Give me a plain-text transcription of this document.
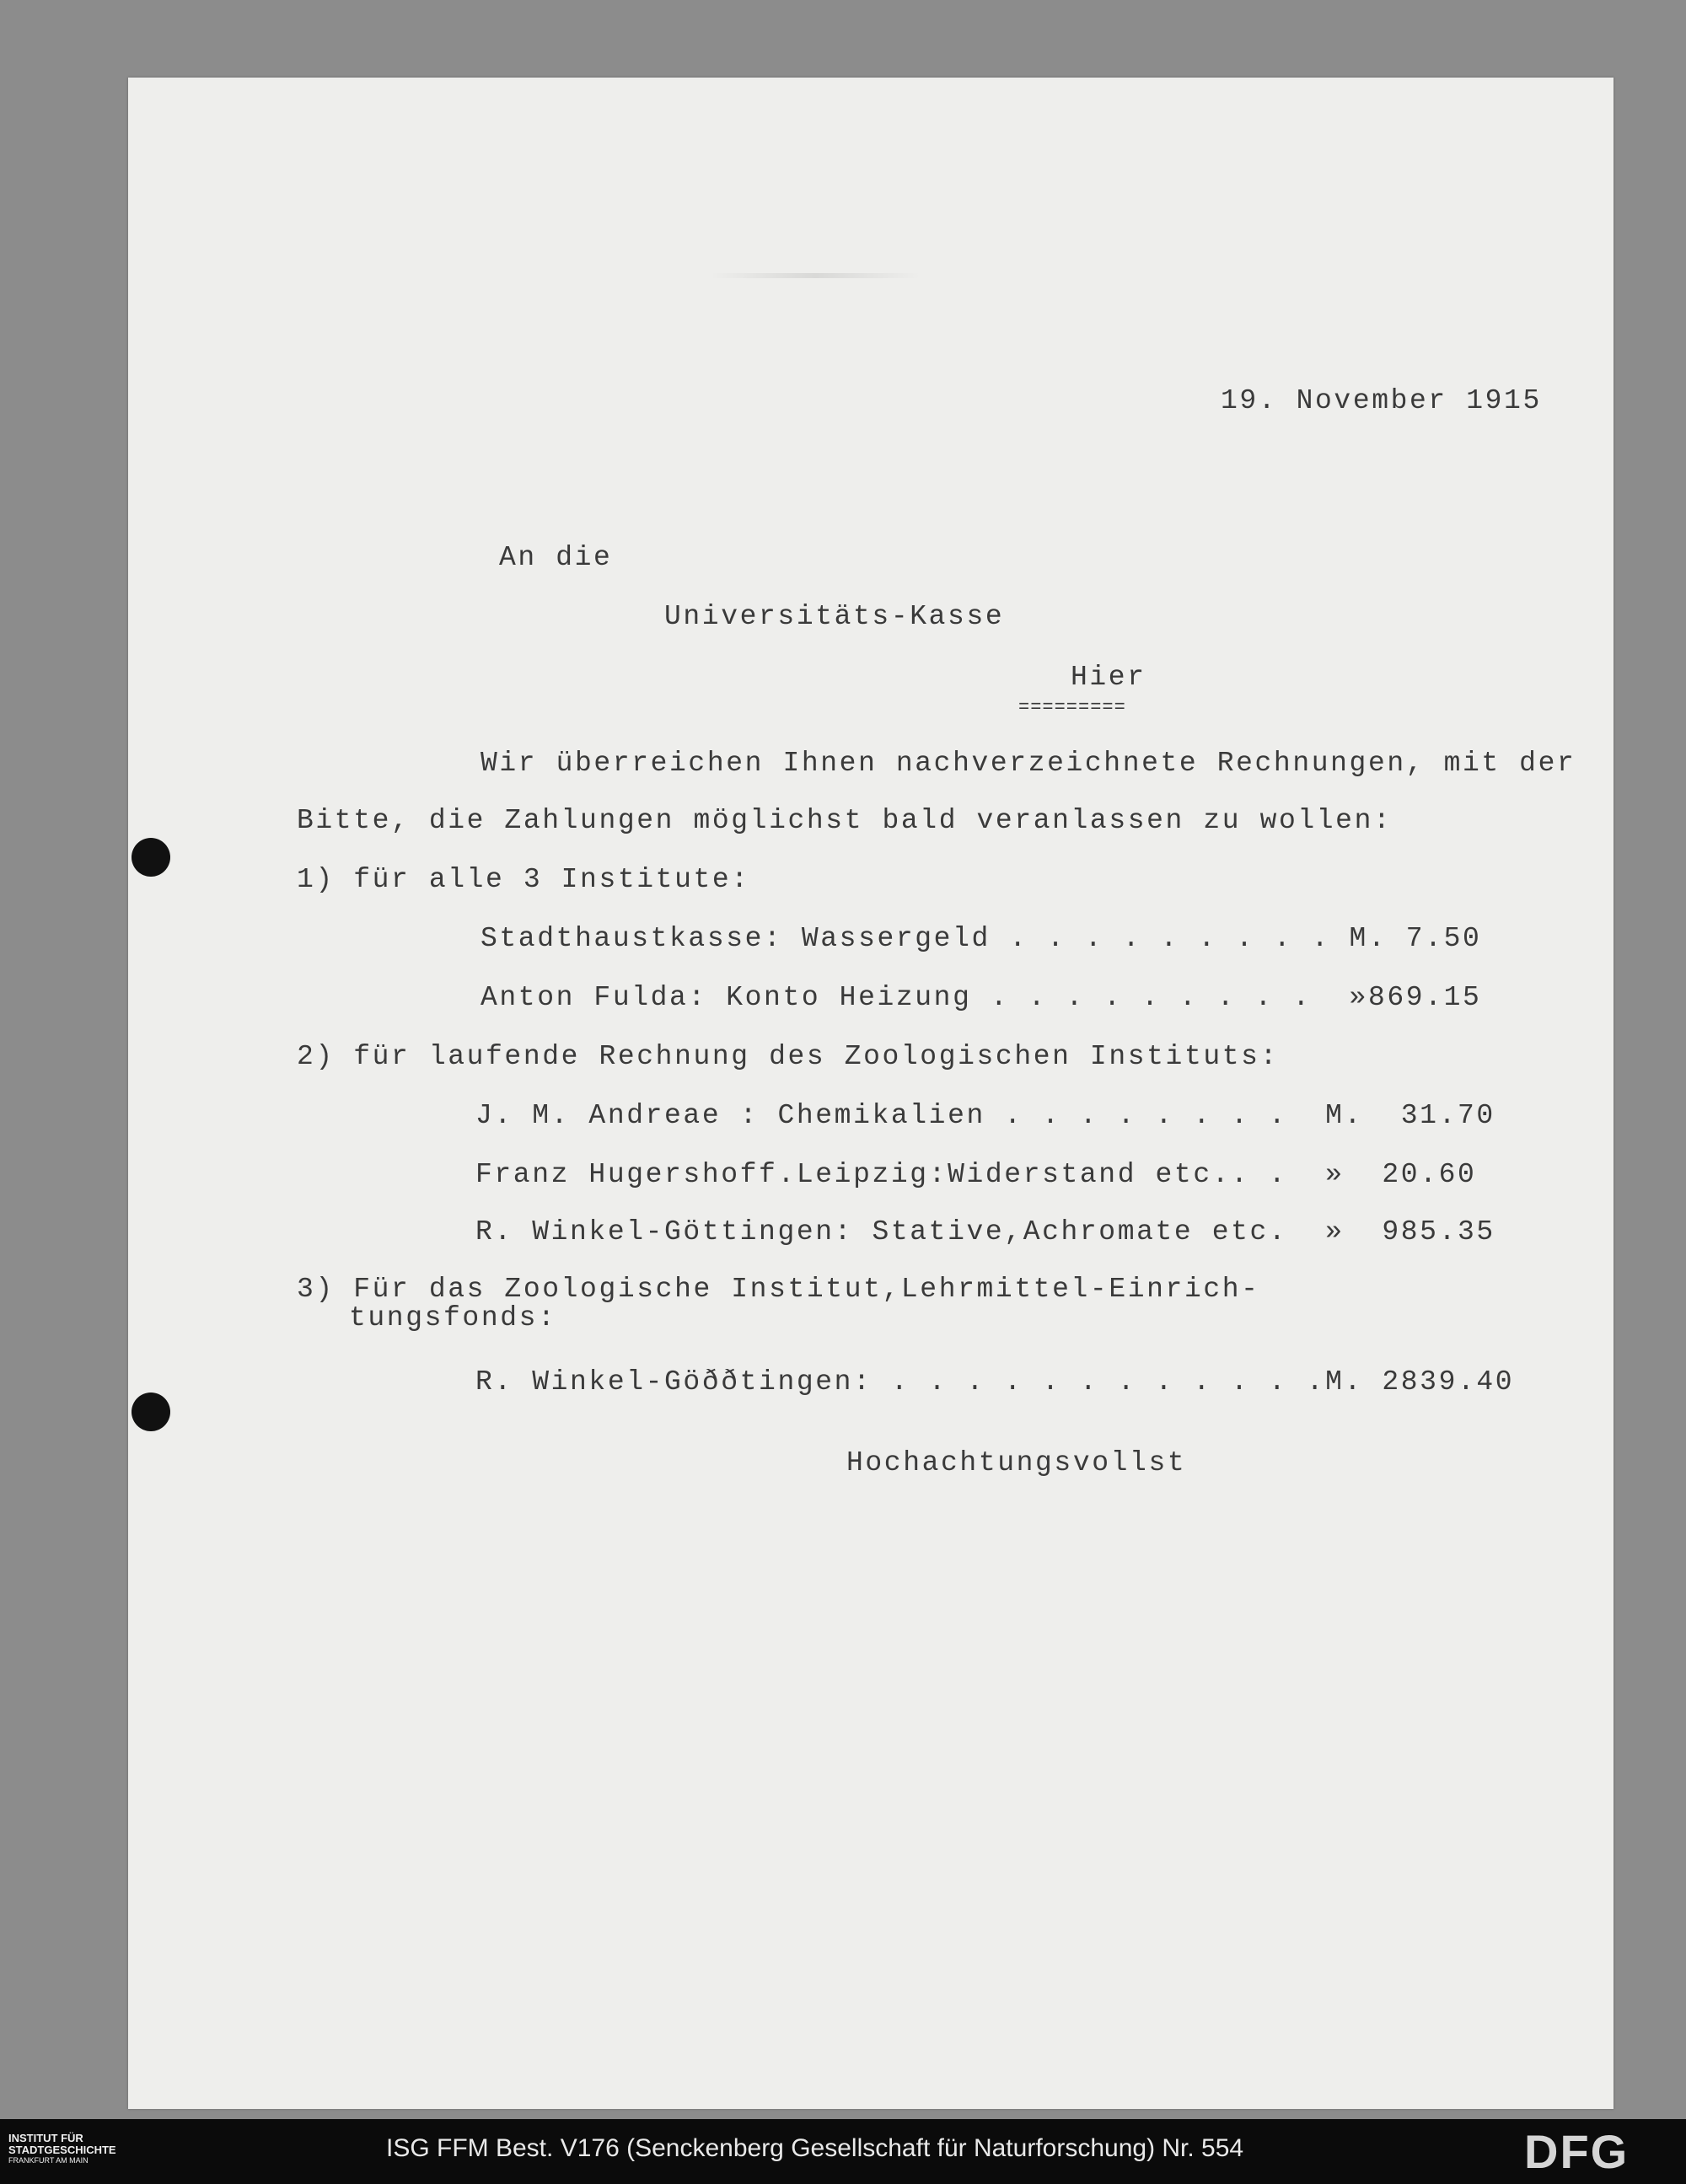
19. November 1915
An die
Universitäts-Kasse
Hier
=========
Wir überreichen Ihnen nachverzeichnete Rechnungen, mit der
Bitte, die Zahlungen möglichst bald veranlassen zu wollen:
1) für alle 3 Institute:
Stadthaustkasse: Wassergeld . . . . . . . . . M. 7.50
Anton Fulda: Konto Heizung . . . . . . . . .  »869.15
2) für laufende Rechnung des Zoologischen Instituts:
J. M. Andreae : Chemikalien . . . . . . . .  M.  31.70
Franz Hugershoff.Leipzig:Widerstand etc.. .  »  20.60
R. Winkel-Göttingen: Stative,Achromate etc.  »  985.35
3) Für das Zoologische Institut,Lehrmittel-Einrich-
tungsfonds:
R. Winkel-Göððtingen: . . . . . . . . . . . .M. 2839.40
Hochachtungsvollst
INSTITUT FÜR
STADTGESCHICHTE
FRANKFURT AM MAIN	ISG FFM Best. V176 (Senckenberg Gesellschaft für Naturforschung) Nr. 554	DFG
